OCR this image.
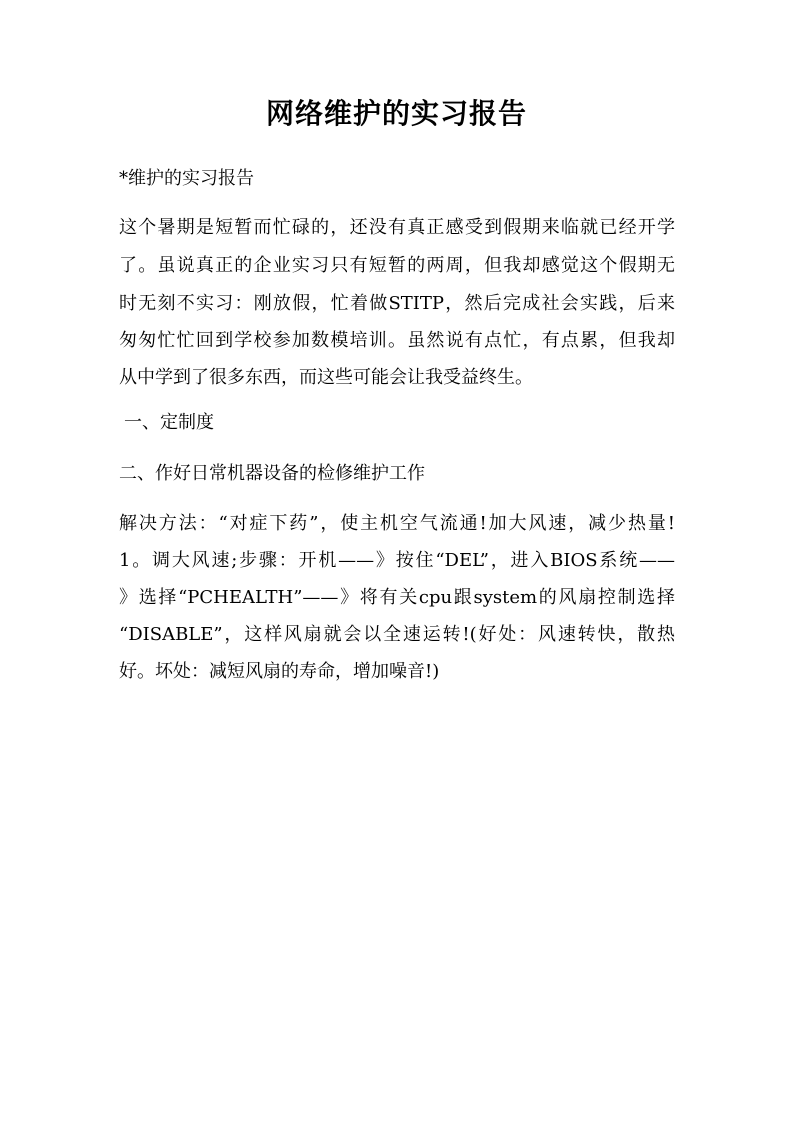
网络维护的实习报告
*维护的实习报告
这个暑期是短暂而忙碌的，还没有真正感受到假期来临就已经开学
了。虽说真正的企业实习只有短暂的两周，但我却感觉这个假期无
时无刻不实习：刚放假，忙着做STITP，然后完成社会实践，后来
匆匆忙忙回到学校参加数模培训。虽然说有点忙，有点累，但我却
从中学到了很多东西，而这些可能会让我受益终生。
一、定制度
二、作好日常机器设备的检修维护工作
解决方法：“对症下药”，使主机空气流通!加大风速，减少热量!
1。调大风速;步骤：开机——》按住“DEL”，进入BIOS系统——
》选择“PCHEALTH”——》将有关cpu跟system的风扇控制选择
“DISABLE”，这样风扇就会以全速运转!(好处：风速转快，散热
好。坏处：减短风扇的寿命，增加噪音!)
